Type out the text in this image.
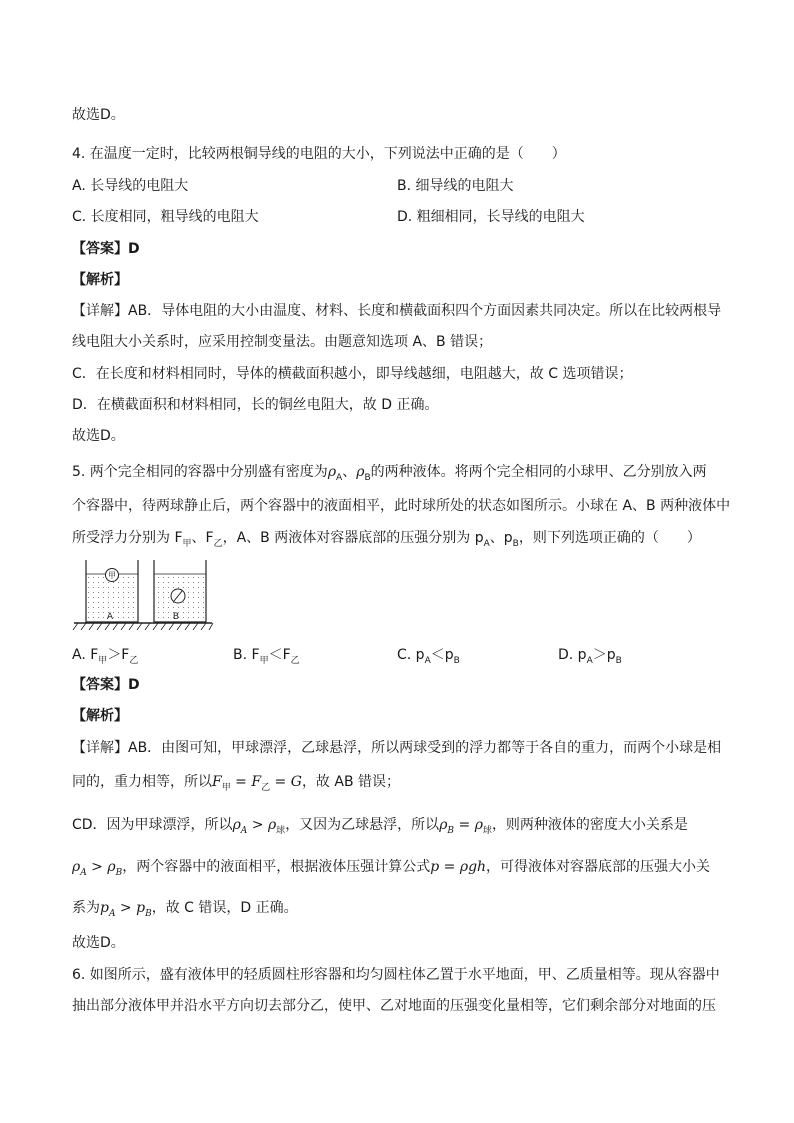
故选D。
4. 在温度一定时，比较两根铜导线的电阻的大小，下列说法中正确的是（　　）
A. 长导线的电阻大	B. 细导线的电阻大
C. 长度相同，粗导线的电阻大	D. 粗细相同，长导线的电阻大
【答案】D
【解析】
【详解】AB．导体电阻的大小由温度、材料、长度和横截面积四个方面因素共同决定。所以在比较两根导
线电阻大小关系时，应采用控制变量法。由题意知选项 A、B 错误；
C．在长度和材料相同时，导体的横截面积越小，即导线越细，电阻越大，故 C 选项错误；
D．在横截面积和材料相同，长的铜丝电阻大，故 D 正确。
故选D。
5. 两个完全相同的容器中分别盛有密度为$\rho_A$、$\rho_B$的两种液体。将两个完全相同的小球甲、乙分别放入两
个容器中，待两球静止后，两个容器中的液面相平，此时球所处的状态如图所示。小球在 A、B 两种液体中
所受浮力分别为 $F_甲$、$F_乙$，A、B 两液体对容器底部的压强分别为 $p_A$、$p_B$，则下列选项正确的（　　）
甲
A	B
A. $F_甲>F_乙$	B. $F_甲<F_乙$	C. $p_A<p_B$	D. $p_A>p_B$
【答案】D
【解析】
【详解】AB．由图可知，甲球漂浮，乙球悬浮，所以两球受到的浮力都等于各自的重力，而两个小球是相
同的，重力相等，所以$F_甲 = F_乙 = G$，故 AB 错误；
CD．因为甲球漂浮，所以$\rho_A > \rho_球$，又因为乙球悬浮，所以$\rho_B = \rho_球$，则两种液体的密度大小关系是
$\rho_A > \rho_B$，两个容器中的液面相平，根据液体压强计算公式p = ρgh，可得液体对容器底部的压强大小关
系为$p_A > p_B$，故 C 错误，D 正确。
故选D。
6. 如图所示，盛有液体甲的轻质圆柱形容器和均匀圆柱体乙置于水平地面，甲、乙质量相等。现从容器中
抽出部分液体甲并沿水平方向切去部分乙，使甲、乙对地面的压强变化量相等，它们剩余部分对地面的压
